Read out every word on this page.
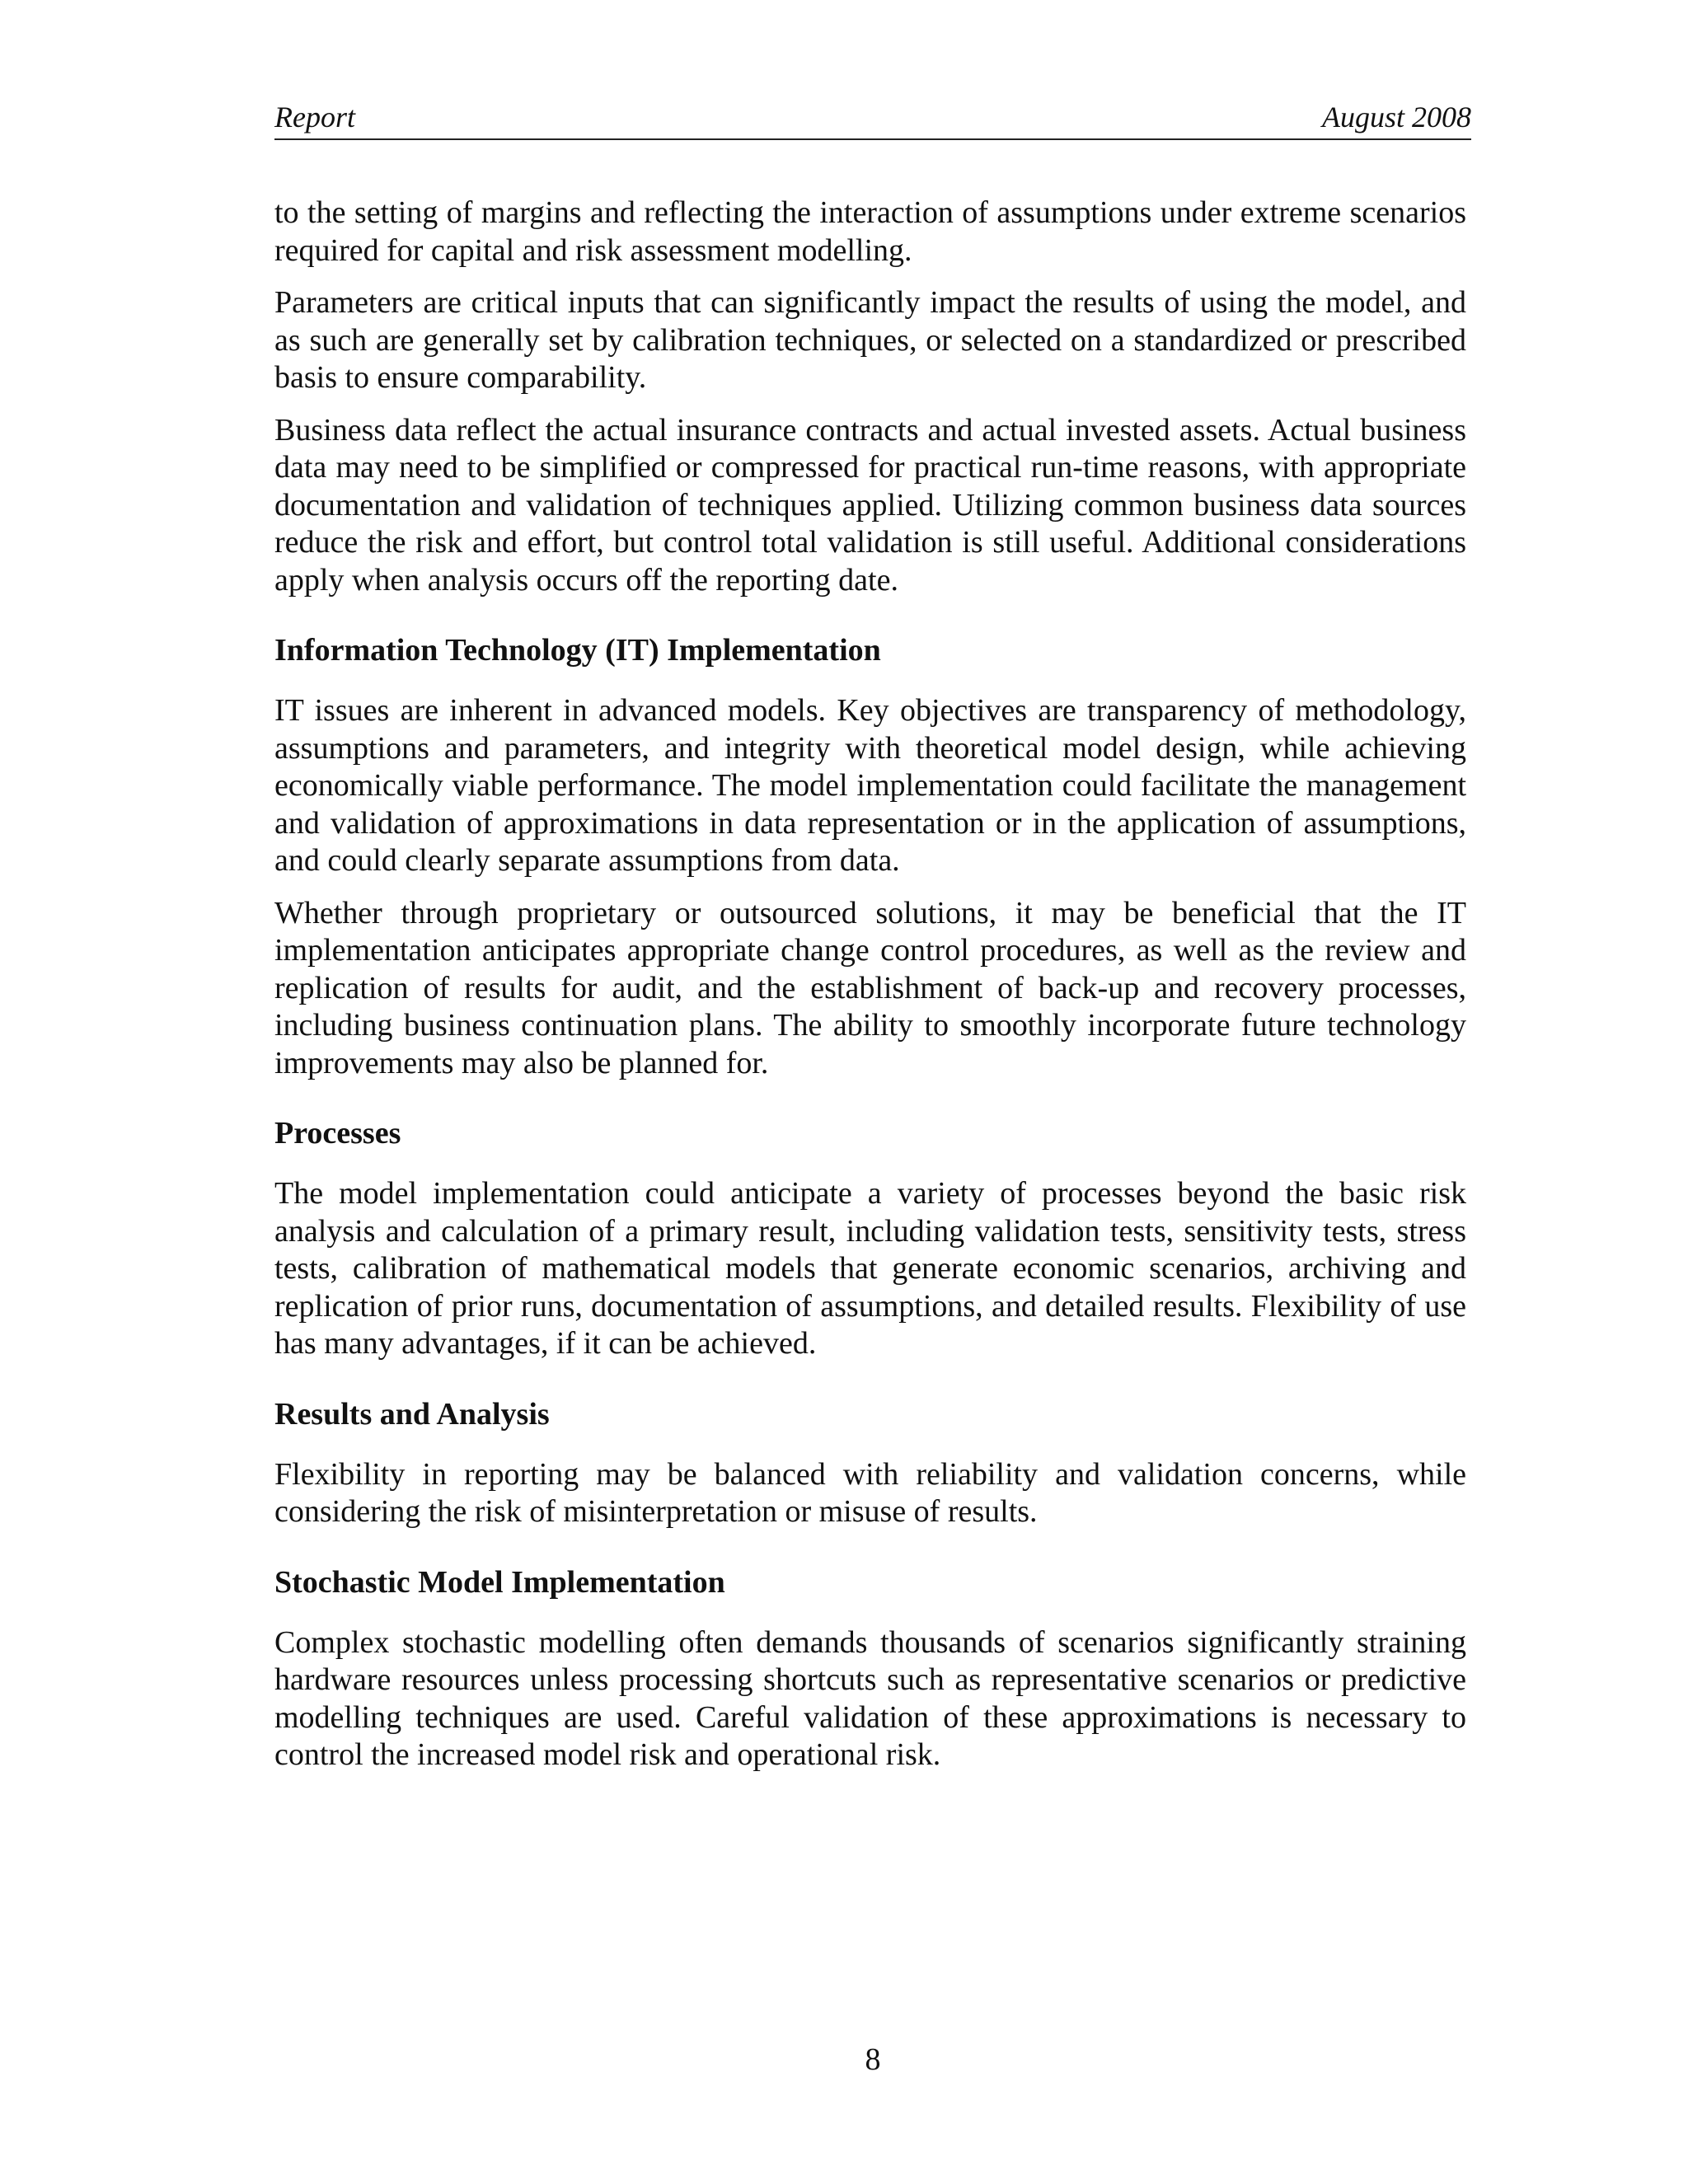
Report	August 2008

to the setting of margins and reflecting the interaction of assumptions under extreme scenarios required for capital and risk assessment modelling.

Parameters are critical inputs that can significantly impact the results of using the model, and as such are generally set by calibration techniques, or selected on a standardized or prescribed basis to ensure comparability.

Business data reflect the actual insurance contracts and actual invested assets. Actual business data may need to be simplified or compressed for practical run-time reasons, with appropriate documentation and validation of techniques applied. Utilizing common business data sources reduce the risk and effort, but control total validation is still useful. Additional considerations apply when analysis occurs off the reporting date.

Information Technology (IT) Implementation

IT issues are inherent in advanced models. Key objectives are transparency of methodology, assumptions and parameters, and integrity with theoretical model design, while achieving economically viable performance. The model implementation could facilitate the management and validation of approximations in data representation or in the application of assumptions, and could clearly separate assumptions from data.

Whether through proprietary or outsourced solutions, it may be beneficial that the IT implementation anticipates appropriate change control procedures, as well as the review and replication of results for audit, and the establishment of back-up and recovery processes, including business continuation plans. The ability to smoothly incorporate future technology improvements may also be planned for.

Processes

The model implementation could anticipate a variety of processes beyond the basic risk analysis and calculation of a primary result, including validation tests, sensitivity tests, stress tests, calibration of mathematical models that generate economic scenarios, archiving and replication of prior runs, documentation of assumptions, and detailed results. Flexibility of use has many advantages, if it can be achieved.

Results and Analysis

Flexibility in reporting may be balanced with reliability and validation concerns, while considering the risk of misinterpretation or misuse of results.

Stochastic Model Implementation

Complex stochastic modelling often demands thousands of scenarios significantly straining hardware resources unless processing shortcuts such as representative scenarios or predictive modelling techniques are used. Careful validation of these approximations is necessary to control the increased model risk and operational risk.

8
